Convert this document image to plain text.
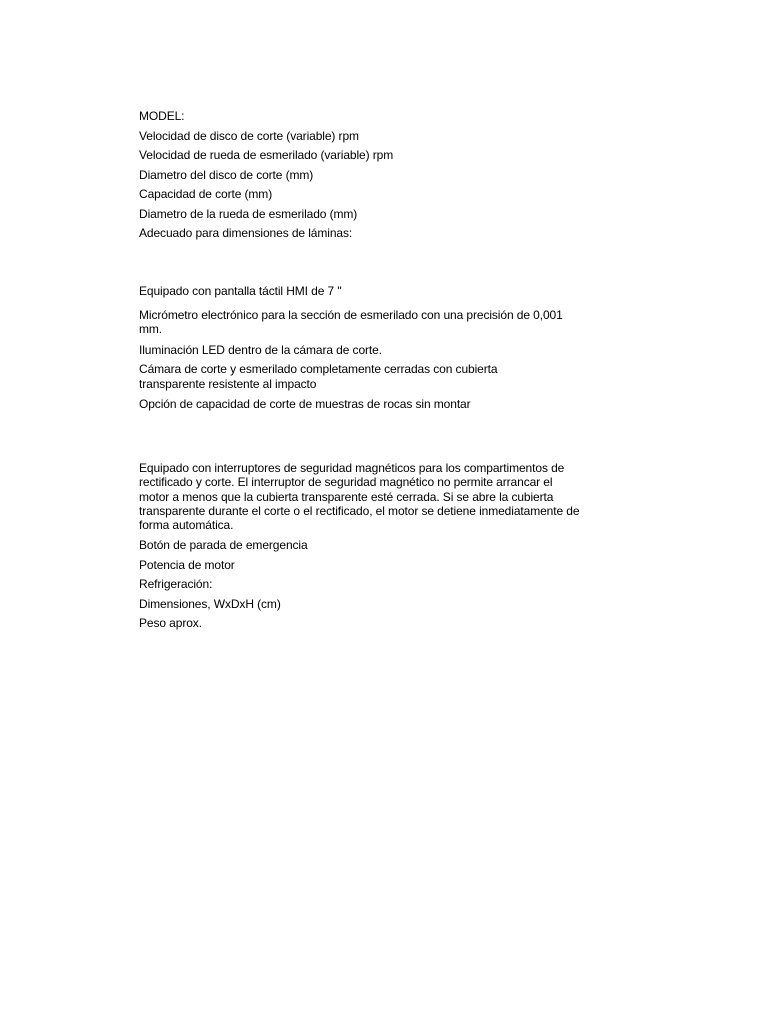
MODEL:
Velocidad de disco de corte (variable) rpm
Velocidad de rueda de esmerilado (variable) rpm
Diametro del disco de corte (mm)
Capacidad de corte (mm)
Diametro de la rueda de esmerilado (mm)
Adecuado para dimensiones de láminas:
Equipado con pantalla táctil HMI de 7 "
Micrómetro electrónico para la sección de esmerilado con una precisión de 0,001 mm.
Iluminación LED dentro de la cámara de corte.
Cámara de corte y esmerilado completamente cerradas con cubierta transparente resistente al impacto
Opción de capacidad de corte de muestras de rocas sin montar
Equipado con interruptores de seguridad magnéticos para los compartimentos de rectificado y corte. El interruptor de seguridad magnético no permite arrancar el motor a menos que la cubierta transparente esté cerrada. Si se abre la cubierta transparente durante el corte o el rectificado, el motor se detiene inmediatamente de forma automática.
Botón de parada de emergencia
Potencia de motor
Refrigeración:
Dimensiones, WxDxH (cm)
Peso aprox.
